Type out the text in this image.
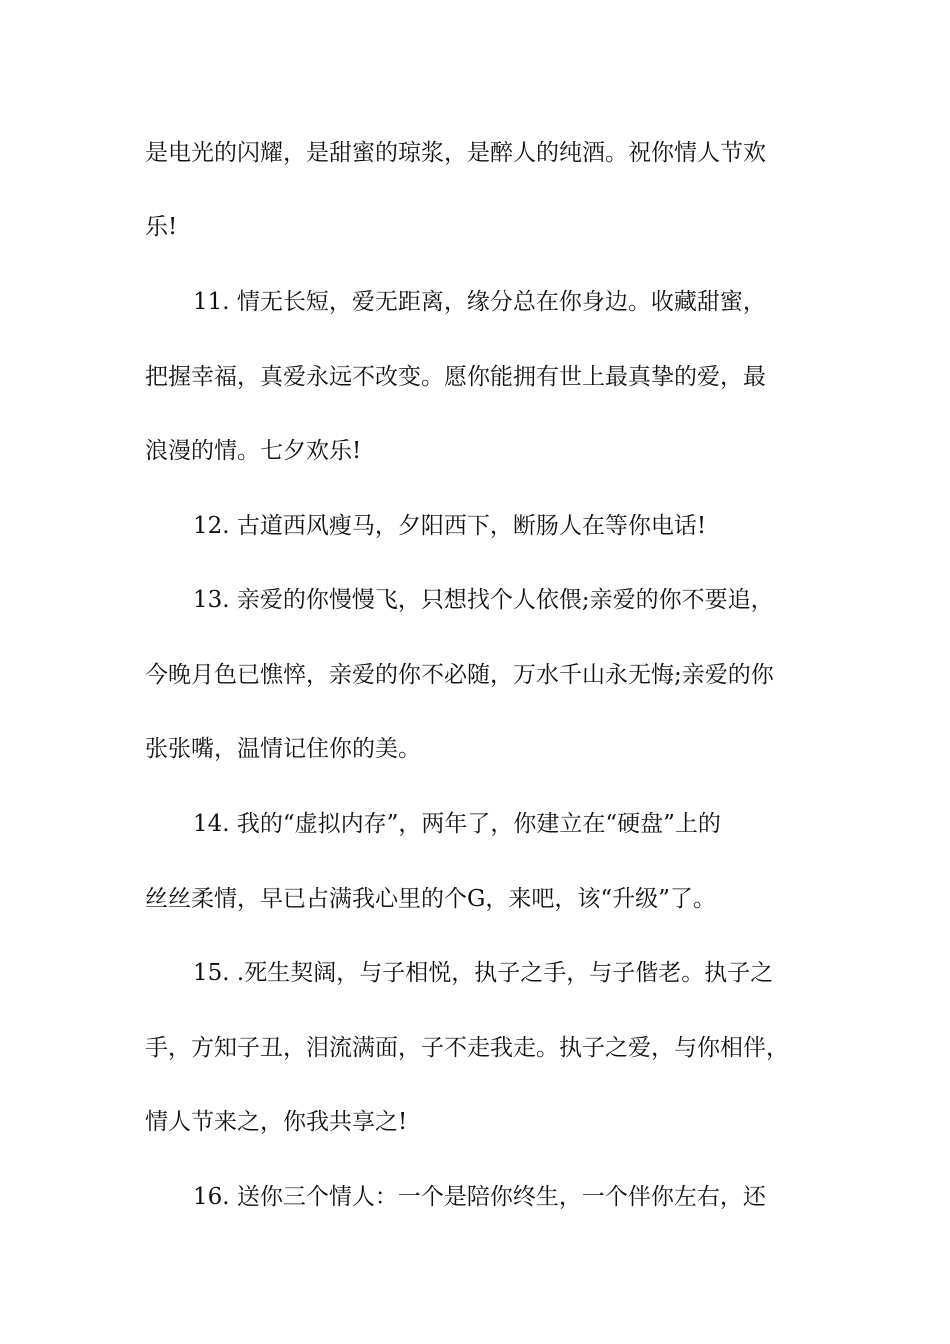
是电光的闪耀，是甜蜜的琼浆，是醉人的纯酒。祝你情人节欢
乐!
11. 情无长短，爱无距离，缘分总在你身边。收藏甜蜜，
把握幸福，真爱永远不改变。愿你能拥有世上最真挚的爱，最
浪漫的情。七夕欢乐!
12. 古道西风瘦马，夕阳西下，断肠人在等你电话!
13. 亲爱的你慢慢飞，只想找个人依偎;亲爱的你不要追，
今晚月色已憔悴，亲爱的你不必随，万水千山永无悔;亲爱的你
张张嘴，温情记住你的美。
14. 我的“虚拟内存”，两年了，你建立在“硬盘”上的
丝丝柔情，早已占满我心里的个G，来吧，该“升级”了。
15. .死生契阔，与子相悦，执子之手，与子偕老。执子之
手，方知子丑，泪流满面，子不走我走。执子之爱，与你相伴，
情人节来之，你我共享之!
16. 送你三个情人：一个是陪你终生，一个伴你左右，还
